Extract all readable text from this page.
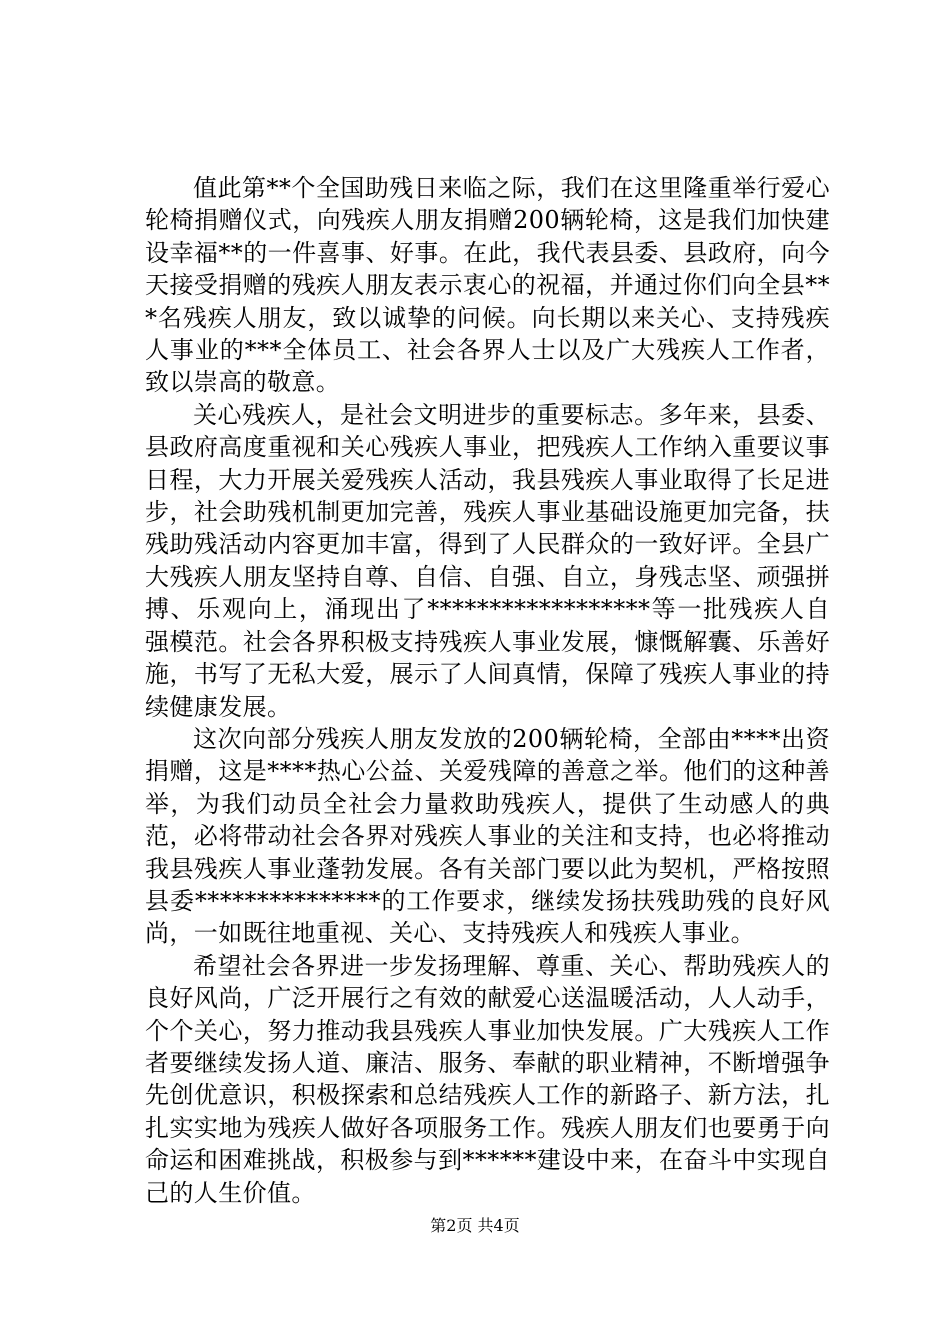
值此第**个全国助残日来临之际，我们在这里隆重举行爱心轮椅捐赠仪式，向残疾人朋友捐赠200辆轮椅，这是我们加快建设幸福**的一件喜事、好事。在此，我代表县委、县政府，向今天接受捐赠的残疾人朋友表示衷心的祝福，并通过你们向全县***名残疾人朋友，致以诚挚的问候。向长期以来关心、支持残疾人事业的***全体员工、社会各界人士以及广大残疾人工作者，致以崇高的敬意。

关心残疾人，是社会文明进步的重要标志。多年来，县委、县政府高度重视和关心残疾人事业，把残疾人工作纳入重要议事日程，大力开展关爱残疾人活动，我县残疾人事业取得了长足进步，社会助残机制更加完善，残疾人事业基础设施更加完备，扶残助残活动内容更加丰富，得到了人民群众的一致好评。全县广大残疾人朋友坚持自尊、自信、自强、自立，身残志坚、顽强拼搏、乐观向上，涌现出了******************等一批残疾人自强模范。社会各界积极支持残疾人事业发展，慷慨解囊、乐善好施，书写了无私大爱，展示了人间真情，保障了残疾人事业的持续健康发展。

这次向部分残疾人朋友发放的200辆轮椅，全部由****出资捐赠，这是****热心公益、关爱残障的善意之举。他们的这种善举，为我们动员全社会力量救助残疾人，提供了生动感人的典范，必将带动社会各界对残疾人事业的关注和支持，也必将推动我县残疾人事业蓬勃发展。各有关部门要以此为契机，严格按照县委***************的工作要求，继续发扬扶残助残的良好风尚，一如既往地重视、关心、支持残疾人和残疾人事业。

希望社会各界进一步发扬理解、尊重、关心、帮助残疾人的良好风尚，广泛开展行之有效的献爱心送温暖活动，人人动手，个个关心，努力推动我县残疾人事业加快发展。广大残疾人工作者要继续发扬人道、廉洁、服务、奉献的职业精神，不断增强争先创优意识，积极探索和总结残疾人工作的新路子、新方法，扎扎实实地为残疾人做好各项服务工作。残疾人朋友们也要勇于向命运和困难挑战，积极参与到******建设中来，在奋斗中实现自己的人生价值。

第2页 共4页
